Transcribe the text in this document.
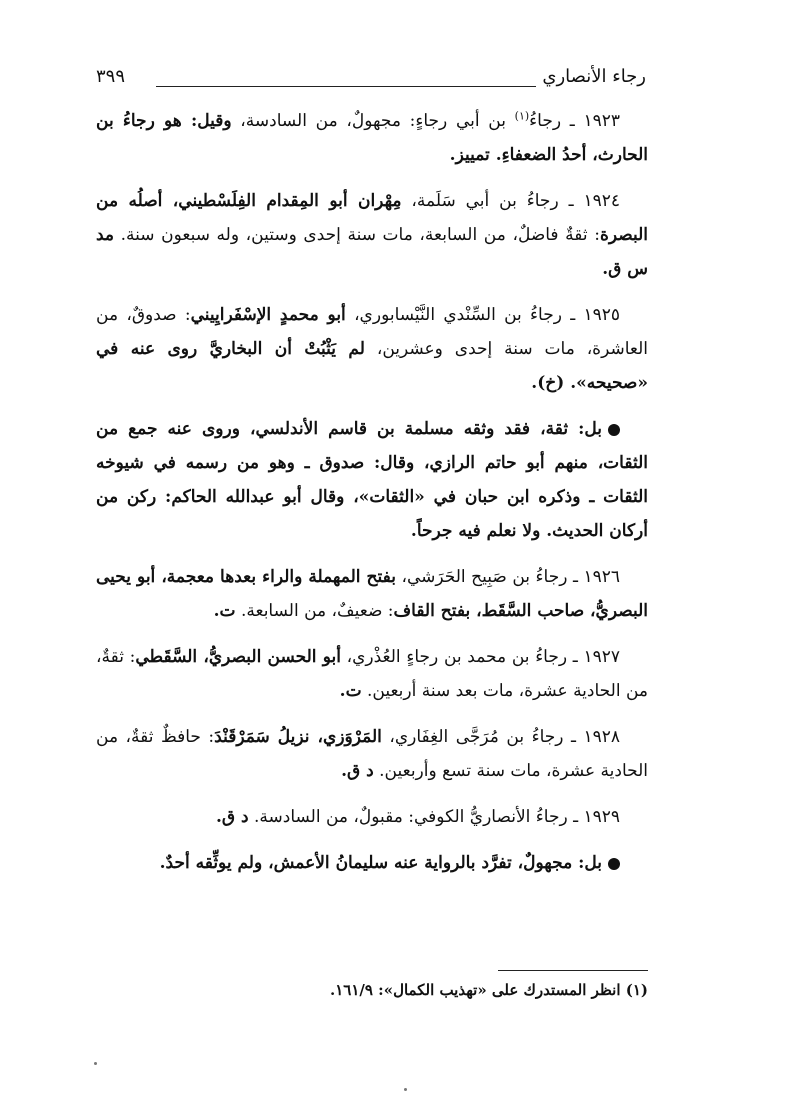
رجاء الأنصاري
٣٩٩

١٩٢٣ ـ رجاءُ$^{(١)}$ بن أبي رجاءٍ: مجهولٌ، من السادسة، وقيل: هو رجاءُ بن الحارث، أحدُ الضعفاءِ. تمييز.

١٩٢٤ ـ رجاءُ بن أبي سَلَمة، مِهْران أبو المِقدام الفِلَسْطيني، أصلُه من البصرة: ثقةٌ فاضلٌ، من السابعة، مات سنة إحدى وستين، وله سبعون سنة. مد س ق.

١٩٢٥ ـ رجاءُ بن السِّنْدي النَّيْسابوري، أبو محمدٍ الإسْفَرايِيني: صدوقٌ، من العاشرة، مات سنة إحدى وعشرين، لم يَثْبُتْ أن البخاريَّ روى عنه في «صحيحه». (خ).

بل: ثقة، فقد وثقه مسلمة بن قاسم الأندلسي، وروى عنه جمع من الثقات، منهم أبو حاتم الرازي، وقال: صدوق ـ وهو من رسمه في شيوخه الثقات ـ وذكره ابن حبان في «الثقات»، وقال أبو عبدالله الحاكم: ركن من أركان الحديث. ولا نعلم فيه جرحاً.

١٩٢٦ ـ رجاءُ بن صَبِيح الحَرَشي، بفتح المهملة والراء بعدها معجمة، أبو يحيى البصريُّ، صاحب السَّقَط، بفتح القاف: ضعيفٌ، من السابعة. ت.

١٩٢٧ ـ رجاءُ بن محمد بن رجاءٍ العُذْري، أبو الحسن البصريُّ، السَّقَطي: ثقةٌ، من الحادية عشرة، مات بعد سنة أربعين. ت.

١٩٢٨ ـ رجاءُ بن مُرَجَّى الغِفَاري، المَرْوَزي، نزيلُ سَمَرْقَنْدَ: حافظٌ ثقةٌ، من الحادية عشرة، مات سنة تسع وأربعين. د ق.

١٩٢٩ ـ رجاءُ الأنصاريُّ الكوفي: مقبولٌ، من السادسة. د ق.

بل: مجهولٌ، تفرَّد بالرواية عنه سليمانُ الأعمش، ولم يوثِّقه أحدٌ.

(١) انظر المستدرك على «تهذيب الكمال»: ١٦١/٩.
